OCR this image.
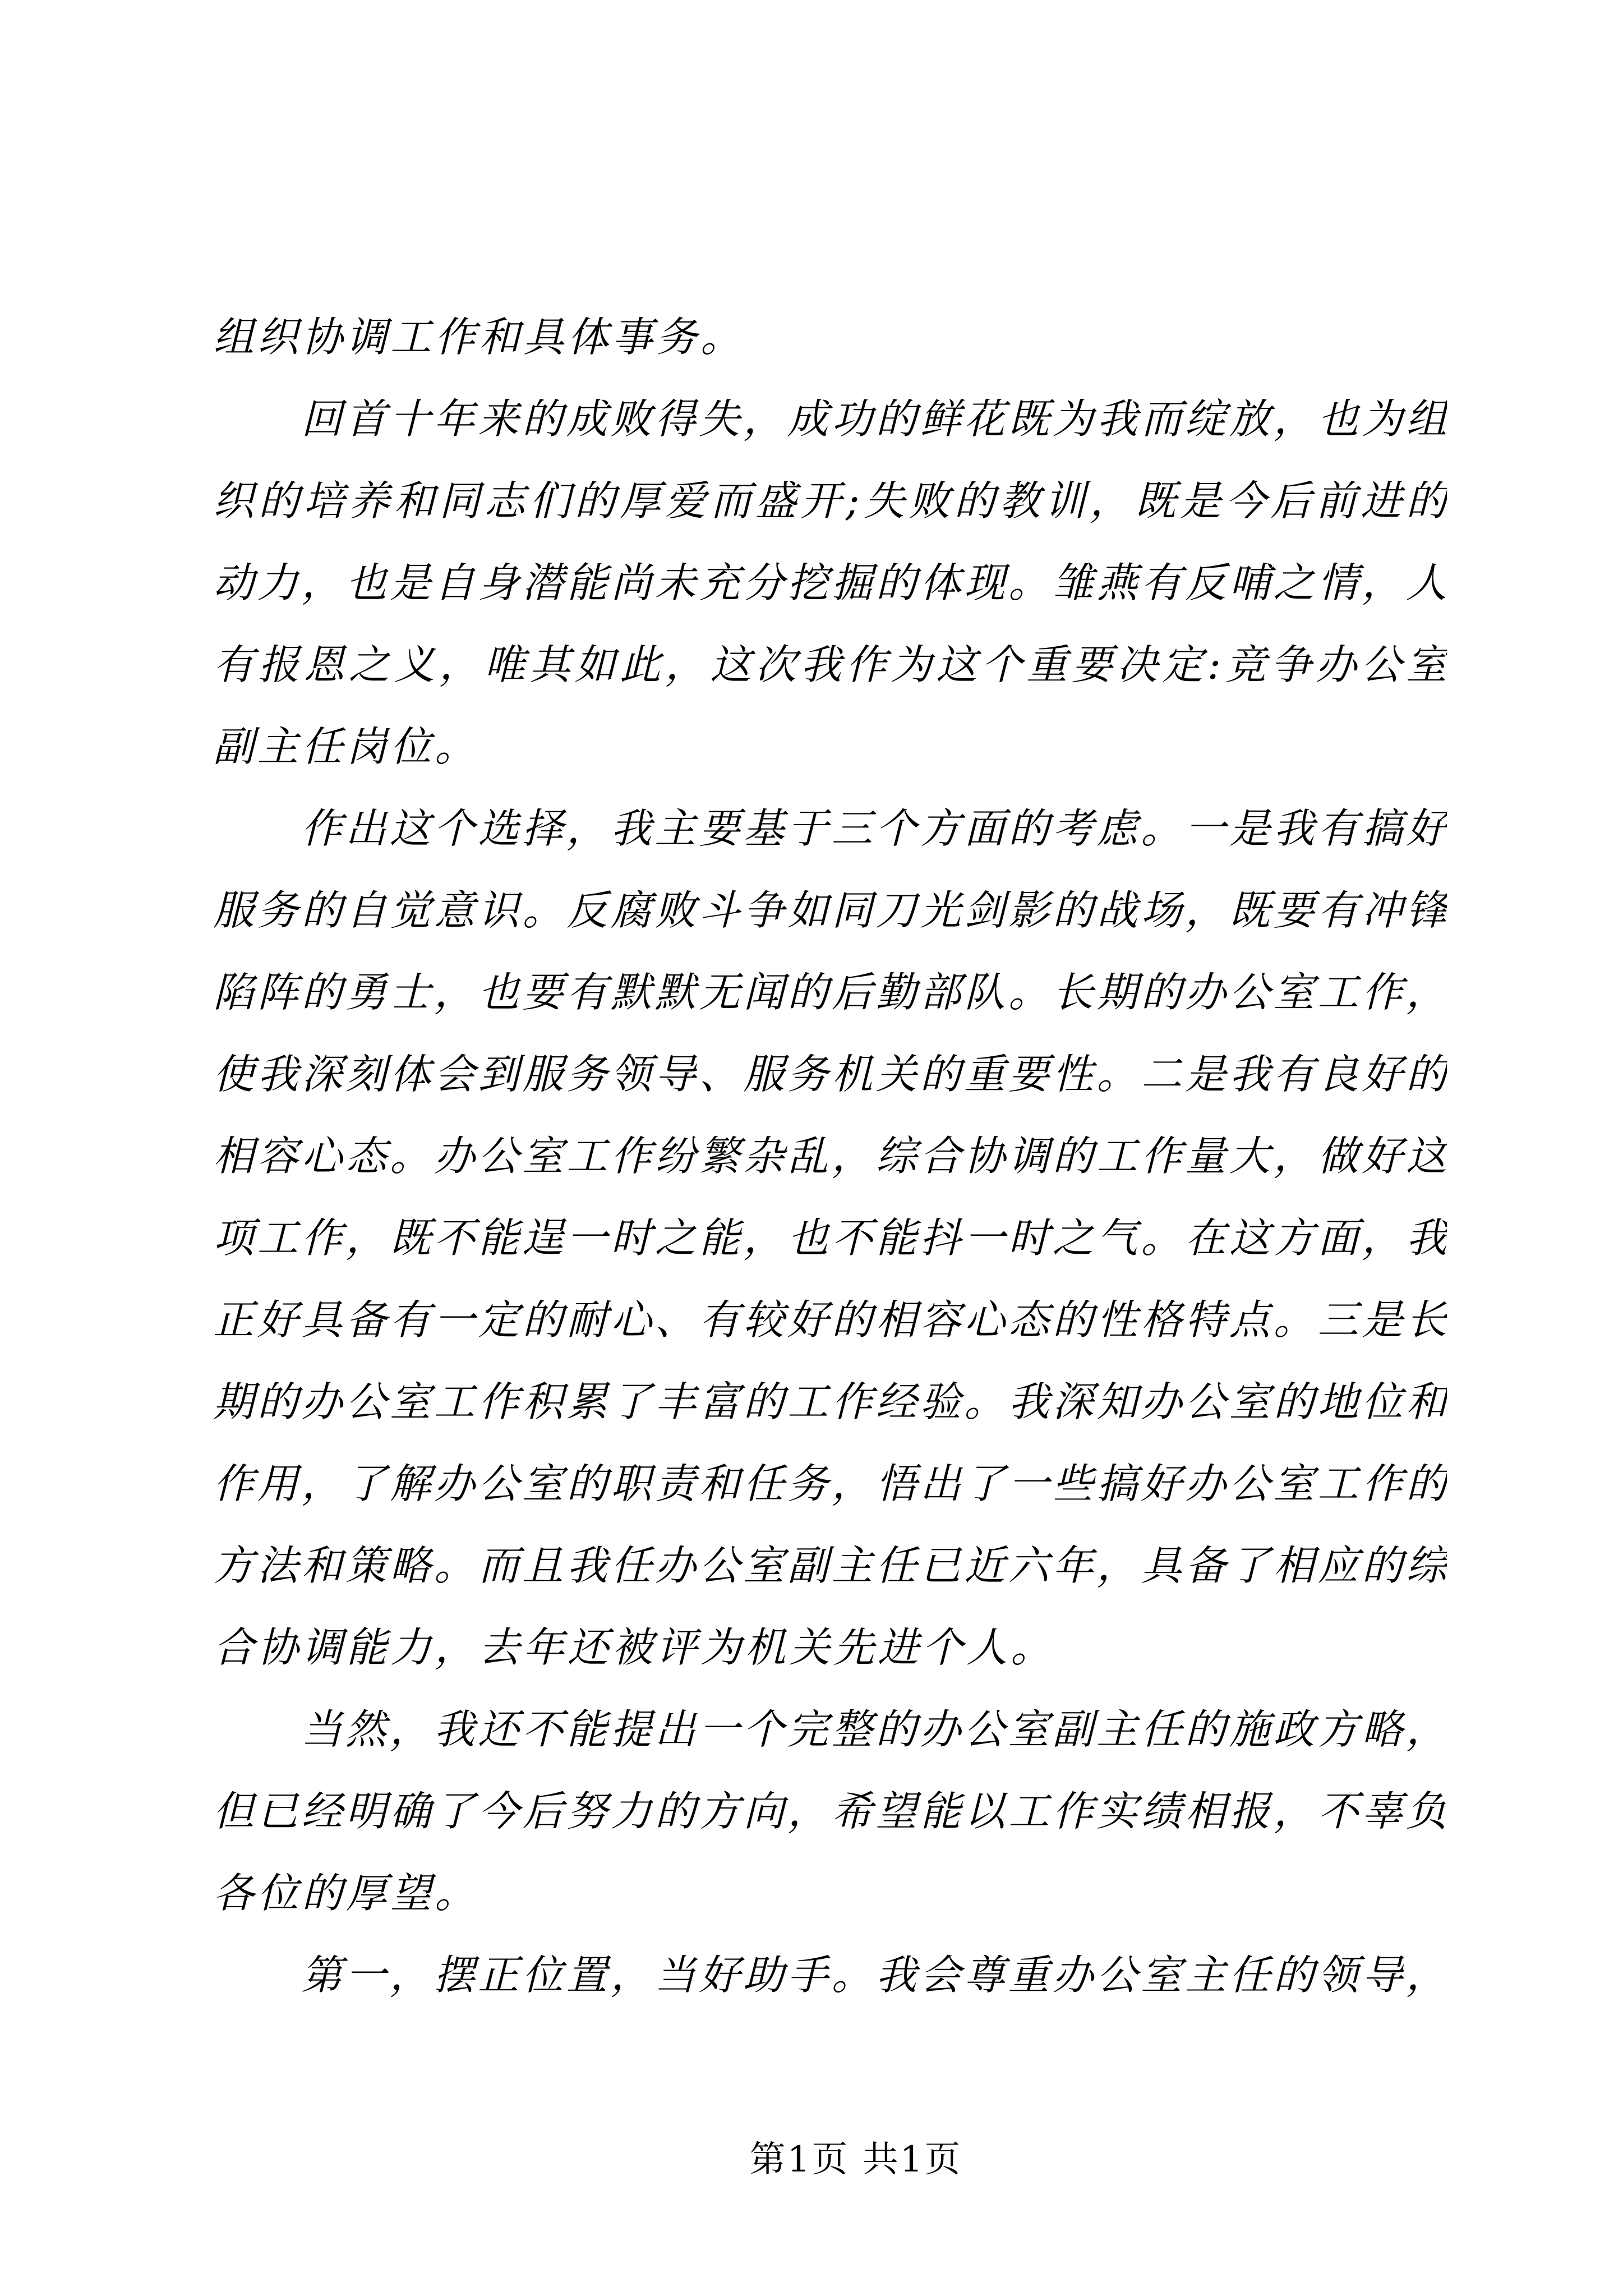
组织协调工作和具体事务。
回首十年来的成败得失，成功的鲜花既为我而绽放，也为组
织的培养和同志们的厚爱而盛开;失败的教训，既是今后前进的
动力，也是自身潜能尚未充分挖掘的体现。雏燕有反哺之情，人
有报恩之义，唯其如此，这次我作为这个重要决定:竞争办公室
副主任岗位。
作出这个选择，我主要基于三个方面的考虑。一是我有搞好
服务的自觉意识。反腐败斗争如同刀光剑影的战场，既要有冲锋
陷阵的勇士，也要有默默无闻的后勤部队。长期的办公室工作，
使我深刻体会到服务领导、服务机关的重要性。二是我有良好的
相容心态。办公室工作纷繁杂乱，综合协调的工作量大，做好这
项工作，既不能逞一时之能，也不能抖一时之气。在这方面，我
正好具备有一定的耐心、有较好的相容心态的性格特点。三是长
期的办公室工作积累了丰富的工作经验。我深知办公室的地位和
作用，了解办公室的职责和任务，悟出了一些搞好办公室工作的
方法和策略。而且我任办公室副主任已近六年，具备了相应的综
合协调能力，去年还被评为机关先进个人。
当然，我还不能提出一个完整的办公室副主任的施政方略，
但已经明确了今后努力的方向，希望能以工作实绩相报，不辜负
各位的厚望。
第一，摆正位置，当好助手。我会尊重办公室主任的领导，
第1页 共1页
